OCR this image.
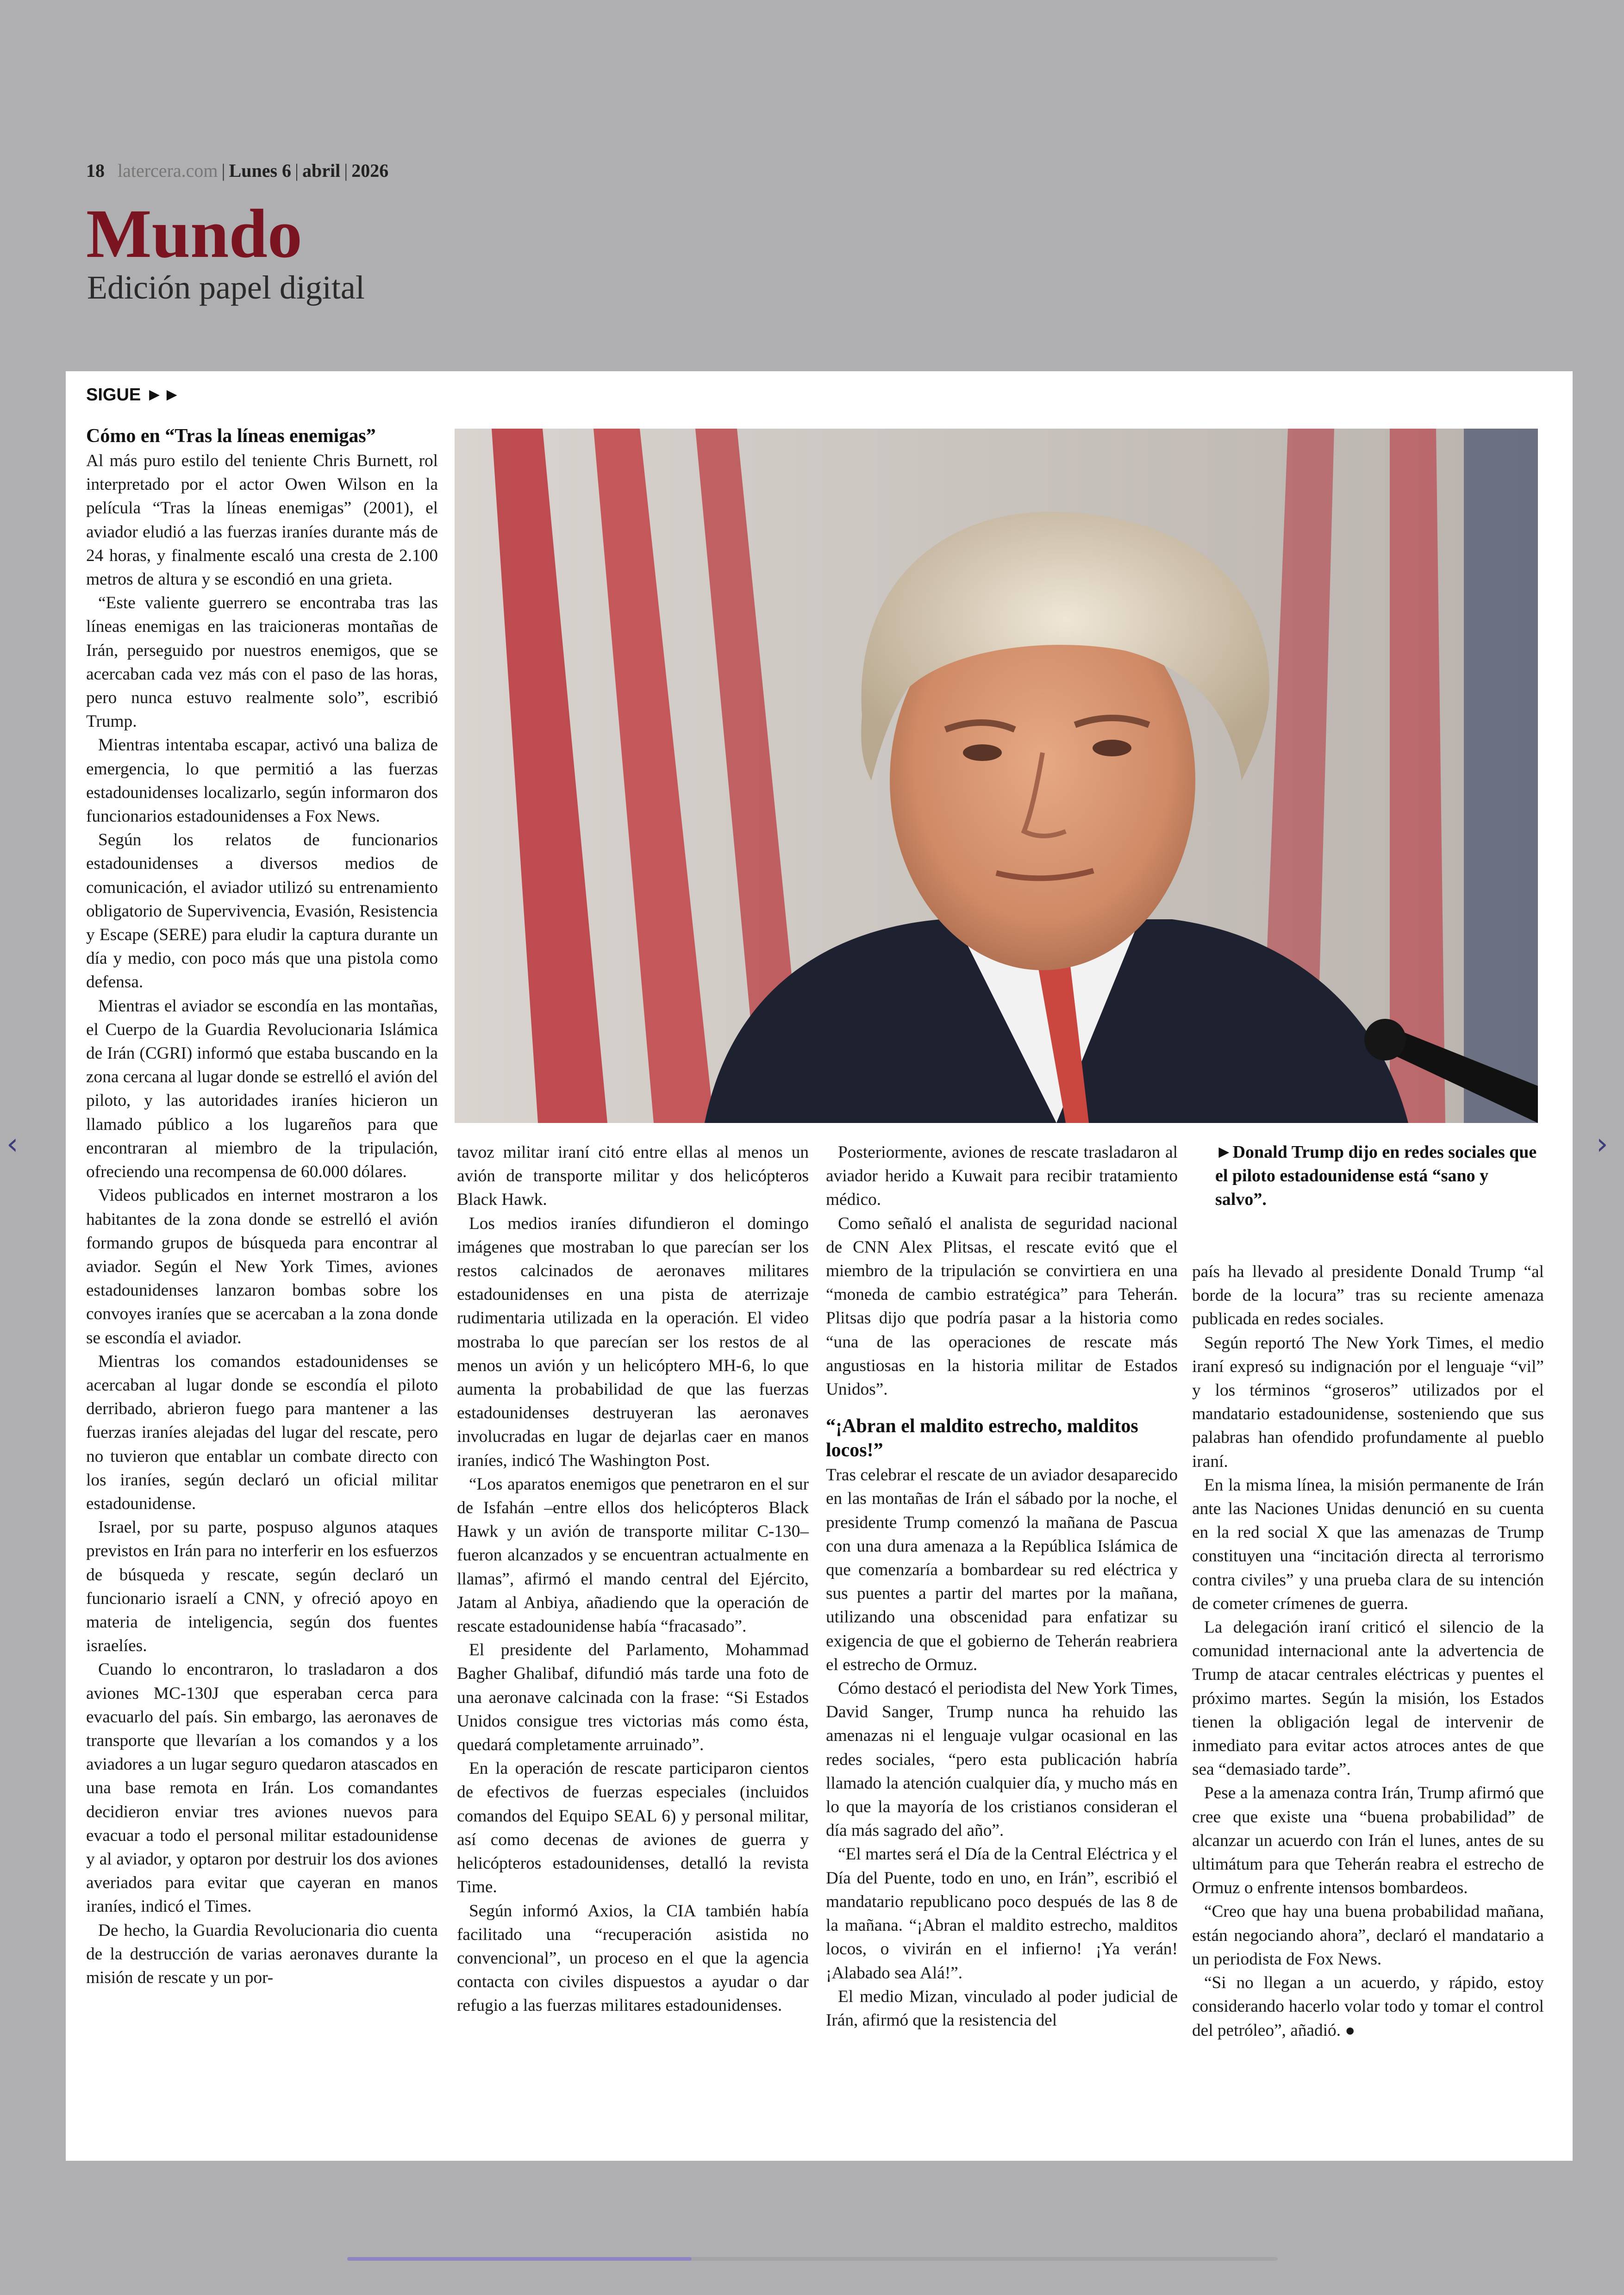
18 latercera.com | Lunes 6 | abril | 2026
Mundo
Edición papel digital
‹	›
SIGUE ►►
Cómo en “Tras la líneas enemigas”

Al más puro estilo del teniente Chris Burnett, rol interpretado por el actor Owen Wilson en la película “Tras la líneas enemigas” (2001), el aviador eludió a las fuerzas iraníes durante más de 24 horas, y finalmente escaló una cresta de 2.100 metros de altura y se escondió en una grieta.

“Este valiente guerrero se encontraba tras las líneas enemigas en las traicioneras montañas de Irán, perseguido por nuestros enemigos, que se acercaban cada vez más con el paso de las horas, pero nunca estuvo realmente solo”, escribió Trump.

Mientras intentaba escapar, activó una baliza de emergencia, lo que permitió a las fuerzas estadounidenses localizarlo, según informaron dos funcionarios estadounidenses a Fox News.

Según los relatos de funcionarios estadounidenses a diversos medios de comunicación, el aviador utilizó su entrenamiento obligatorio de Supervivencia, Evasión, Resistencia y Escape (SERE) para eludir la captura durante un día y medio, con poco más que una pistola como defensa.

Mientras el aviador se escondía en las montañas, el Cuerpo de la Guardia Revolucionaria Islámica de Irán (CGRI) informó que estaba buscando en la zona cercana al lugar donde se estrelló el avión del piloto, y las autoridades iraníes hicieron un llamado público a los lugareños para que encontraran al miembro de la tripulación, ofreciendo una recompensa de 60.000 dólares.

Videos publicados en internet mostraron a los habitantes de la zona donde se estrelló el avión formando grupos de búsqueda para encontrar al aviador. Según el New York Times, aviones estadounidenses lanzaron bombas sobre los convoyes iraníes que se acercaban a la zona donde se escondía el aviador.

Mientras los comandos estadounidenses se acercaban al lugar donde se escondía el piloto derribado, abrieron fuego para mantener a las fuerzas iraníes alejadas del lugar del rescate, pero no tuvieron que entablar un combate directo con los iraníes, según declaró un oficial militar estadounidense.

Israel, por su parte, pospuso algunos ataques previstos en Irán para no interferir en los esfuerzos de búsqueda y rescate, según declaró un funcionario israelí a CNN, y ofreció apoyo en materia de inteligencia, según dos fuentes israelíes.

Cuando lo encontraron, lo trasladaron a dos aviones MC-130J que esperaban cerca para evacuarlo del país. Sin embargo, las aeronaves de transporte que llevarían a los comandos y a los aviadores a un lugar seguro quedaron atascados en una base remota en Irán. Los comandantes decidieron enviar tres aviones nuevos para evacuar a todo el personal militar estadounidense y al aviador, y optaron por destruir los dos aviones averiados para evitar que cayeran en manos iraníes, indicó el Times.

De hecho, la Guardia Revolucionaria dio cuenta de la destrucción de varias aeronaves durante la misión de rescate y un por-

tavoz militar iraní citó entre ellas al menos un avión de transporte militar y dos helicópteros Black Hawk.

Los medios iraníes difundieron el domingo imágenes que mostraban lo que parecían ser los restos calcinados de aeronaves militares estadounidenses en una pista de aterrizaje rudimentaria utilizada en la operación. El video mostraba lo que parecían ser los restos de al menos un avión y un helicóptero MH-6, lo que aumenta la probabilidad de que las fuerzas estadounidenses destruyeran las aeronaves involucradas en lugar de dejarlas caer en manos iraníes, indicó The Washington Post.

“Los aparatos enemigos que penetraron en el sur de Isfahán –entre ellos dos helicópteros Black Hawk y un avión de transporte militar C-130– fueron alcanzados y se encuentran actualmente en llamas”, afirmó el mando central del Ejército, Jatam al Anbiya, añadiendo que la operación de rescate estadounidense había “fracasado”.

El presidente del Parlamento, Mohammad Bagher Ghalibaf, difundió más tarde una foto de una aeronave calcinada con la frase: “Si Estados Unidos consigue tres victorias más como ésta, quedará completamente arruinado”.

En la operación de rescate participaron cientos de efectivos de fuerzas especiales (incluidos comandos del Equipo SEAL 6) y personal militar, así como decenas de aviones de guerra y helicópteros estadounidenses, detalló la revista Time.

Según informó Axios, la CIA también había facilitado una “recuperación asistida no convencional”, un proceso en el que la agencia contacta con civiles dispuestos a ayudar o dar refugio a las fuerzas militares estadounidenses.

Posteriormente, aviones de rescate trasladaron al aviador herido a Kuwait para recibir tratamiento médico.

Como señaló el analista de seguridad nacional de CNN Alex Plitsas, el rescate evitó que el miembro de la tripulación se convirtiera en una “moneda de cambio estratégica” para Teherán. Plitsas dijo que podría pasar a la historia como “una de las operaciones de rescate más angustiosas en la historia militar de Estados Unidos”.

“¡Abran el maldito estrecho, malditos locos!”

Tras celebrar el rescate de un aviador desaparecido en las montañas de Irán el sábado por la noche, el presidente Trump comenzó la mañana de Pascua con una dura amenaza a la República Islámica de que comenzaría a bombardear su red eléctrica y sus puentes a partir del martes por la mañana, utilizando una obscenidad para enfatizar su exigencia de que el gobierno de Teherán reabriera el estrecho de Ormuz.

Cómo destacó el periodista del New York Times, David Sanger, Trump nunca ha rehuido las amenazas ni el lenguaje vulgar ocasional en las redes sociales, “pero esta publicación habría llamado la atención cualquier día, y mucho más en lo que la mayoría de los cristianos consideran el día más sagrado del año”.

“El martes será el Día de la Central Eléctrica y el Día del Puente, todo en uno, en Irán”, escribió el mandatario republicano poco después de las 8 de la mañana. “¡Abran el maldito estrecho, malditos locos, o vivirán en el infierno! ¡Ya verán! ¡Alabado sea Alá!”.

El medio Mizan, vinculado al poder judicial de Irán, afirmó que la resistencia del

►Donald Trump dijo en redes sociales que el piloto estadounidense está “sano y salvo”.

país ha llevado al presidente Donald Trump “al borde de la locura” tras su reciente amenaza publicada en redes sociales.

Según reportó The New York Times, el medio iraní expresó su indignación por el lenguaje “vil” y los términos “groseros” utilizados por el mandatario estadounidense, sosteniendo que sus palabras han ofendido profundamente al pueblo iraní.

En la misma línea, la misión permanente de Irán ante las Naciones Unidas denunció en su cuenta en la red social X que las amenazas de Trump constituyen una “incitación directa al terrorismo contra civiles” y una prueba clara de su intención de cometer crímenes de guerra.

La delegación iraní criticó el silencio de la comunidad internacional ante la advertencia de Trump de atacar centrales eléctricas y puentes el próximo martes. Según la misión, los Estados tienen la obligación legal de intervenir de inmediato para evitar actos atroces antes de que sea “demasiado tarde”.

Pese a la amenaza contra Irán, Trump afirmó que cree que existe una “buena probabilidad” de alcanzar un acuerdo con Irán el lunes, antes de su ultimátum para que Teherán reabra el estrecho de Ormuz o enfrente intensos bombardeos.

“Creo que hay una buena probabilidad mañana, están negociando ahora”, declaró el mandatario a un periodista de Fox News.

“Si no llegan a un acuerdo, y rápido, estoy considerando hacerlo volar todo y tomar el control del petróleo”, añadió. ●
